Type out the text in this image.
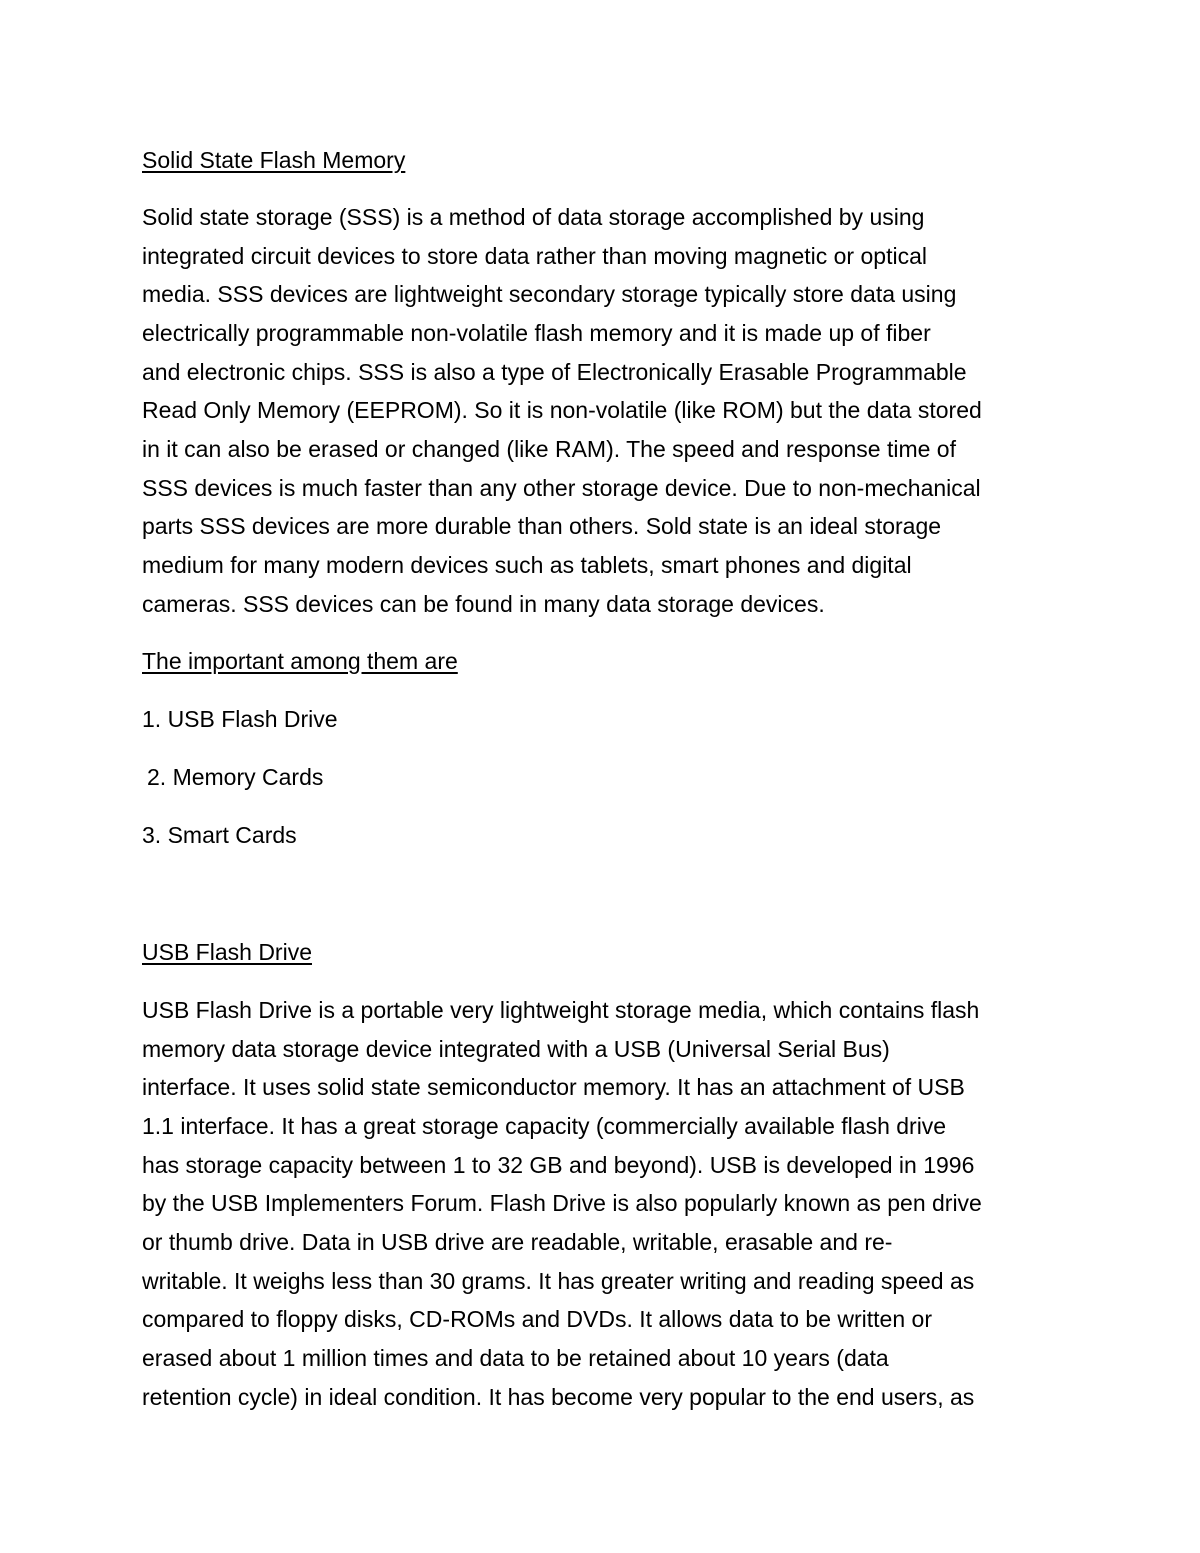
Solid State Flash Memory
Solid state storage (SSS) is a method of data storage accomplished by using
integrated circuit devices to store data rather than moving magnetic or optical
media. SSS devices are lightweight secondary storage typically store data using
electrically programmable non-volatile flash memory and it is made up of fiber
and electronic chips. SSS is also a type of Electronically Erasable Programmable
Read Only Memory (EEPROM). So it is non-volatile (like ROM) but the data stored
in it can also be erased or changed (like RAM). The speed and response time of
SSS devices is much faster than any other storage device. Due to non-mechanical
parts SSS devices are more durable than others. Sold state is an ideal storage
medium for many modern devices such as tablets, smart phones and digital
cameras. SSS devices can be found in many data storage devices.
The important among them are
1. USB Flash Drive
2. Memory Cards
3. Smart Cards
USB Flash Drive
USB Flash Drive is a portable very lightweight storage media, which contains flash
memory data storage device integrated with a USB (Universal Serial Bus)
interface. It uses solid state semiconductor memory. It has an attachment of USB
1.1 interface. It has a great storage capacity (commercially available flash drive
has storage capacity between 1 to 32 GB and beyond). USB is developed in 1996
by the USB Implementers Forum. Flash Drive is also popularly known as pen drive
or thumb drive. Data in USB drive are readable, writable, erasable and re-
writable. It weighs less than 30 grams. It has greater writing and reading speed as
compared to floppy disks, CD-ROMs and DVDs. It allows data to be written or
erased about 1 million times and data to be retained about 10 years (data
retention cycle) in ideal condition. It has become very popular to the end users, as
